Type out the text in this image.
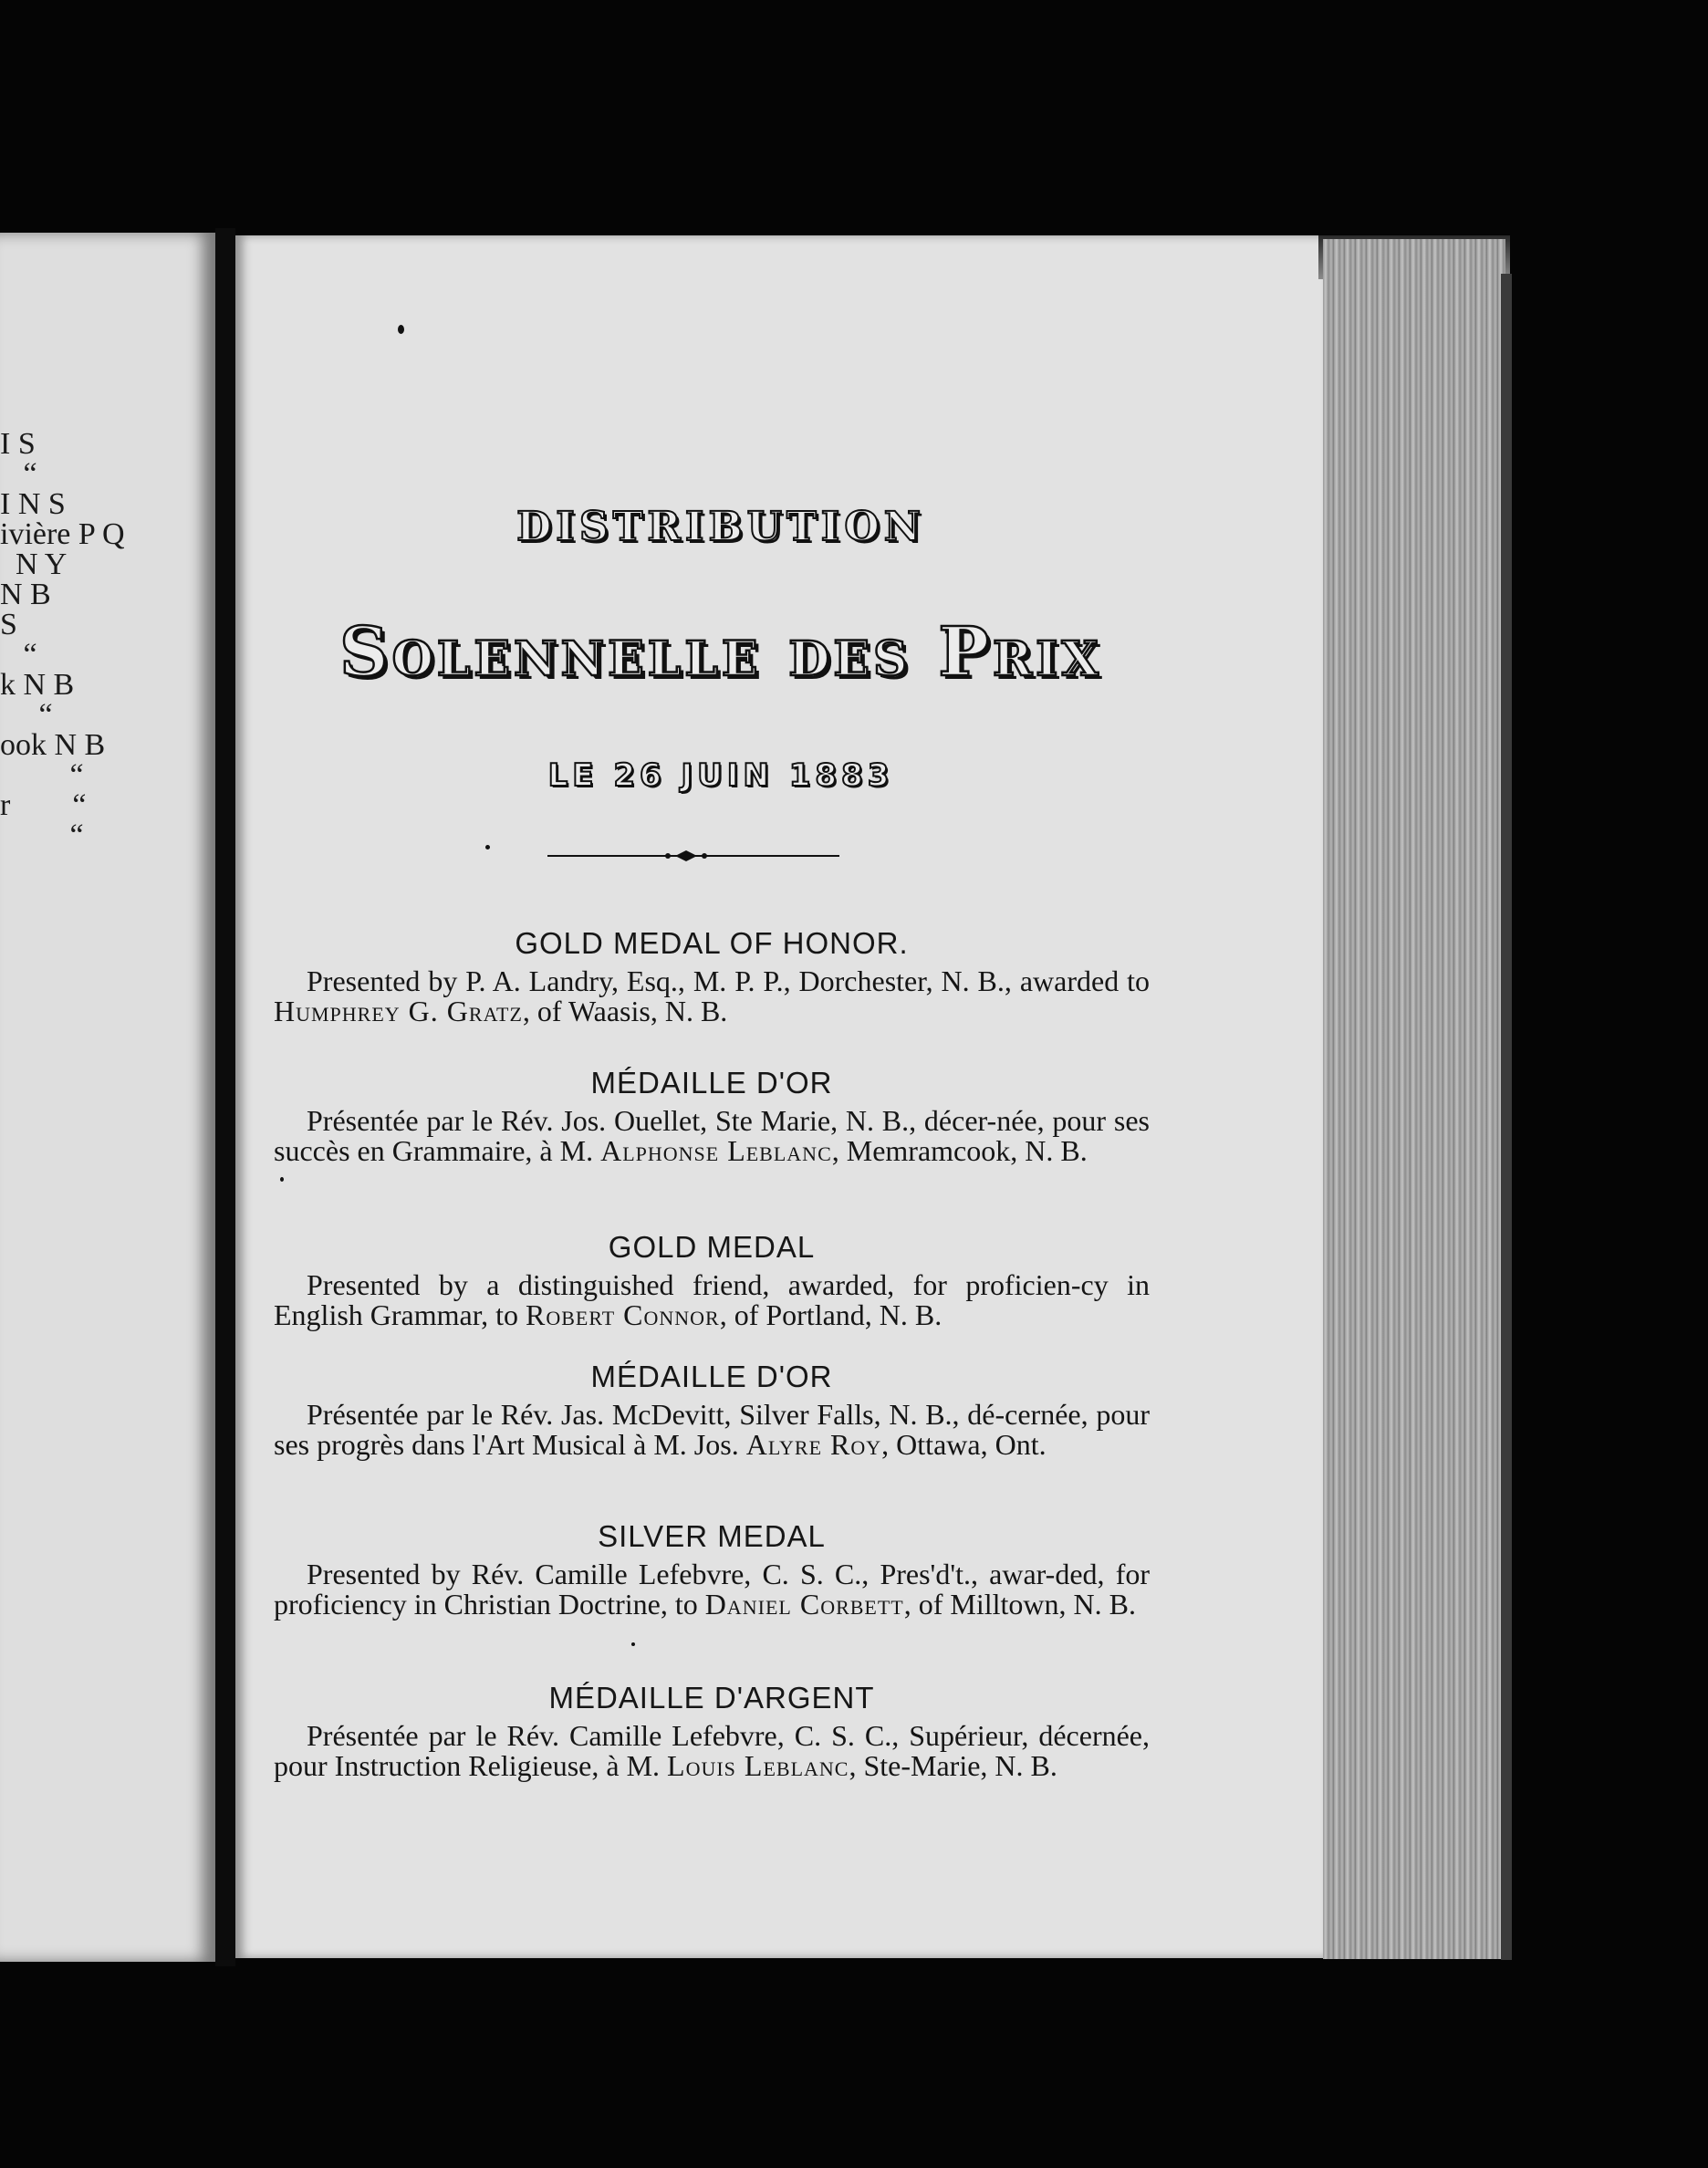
I S
“
I N S
ivière P Q
N Y
N B
S
“
k N B
“
ook N B
“
r        “
“
DISTRIBUTION
Solennelle des Prix
LE 26 JUIN 1883
GOLD MEDAL OF HONOR.
Presented by P. A. Landry, Esq., M. P. P., Dorchester, N. B., awarded to Humphrey G. Gratz, of Waasis, N. B.
MÉDAILLE D'OR
Présentée par le Rév. Jos. Ouellet, Ste Marie, N. B., décer-née, pour ses succès en Grammaire, à M. Alphonse Leblanc, Memramcook, N. B.
GOLD MEDAL
Presented by a distinguished friend, awarded, for proficien-cy in English Grammar, to Robert Connor, of Portland, N. B.
MÉDAILLE D'OR
Présentée par le Rév. Jas. McDevitt, Silver Falls, N. B., dé-cernée, pour ses progrès dans l'Art Musical à M. Jos. Alyre Roy, Ottawa, Ont.
SILVER MEDAL
Presented by Rév. Camille Lefebvre, C. S. C., Pres'd't., awar-ded, for proficiency in Christian Doctrine, to Daniel Corbett, of Milltown, N. B.
MÉDAILLE D'ARGENT
Présentée par le Rév. Camille Lefebvre, C. S. C., Supérieur, décernée, pour Instruction Religieuse, à M. Louis Leblanc, Ste-Marie, N. B.
